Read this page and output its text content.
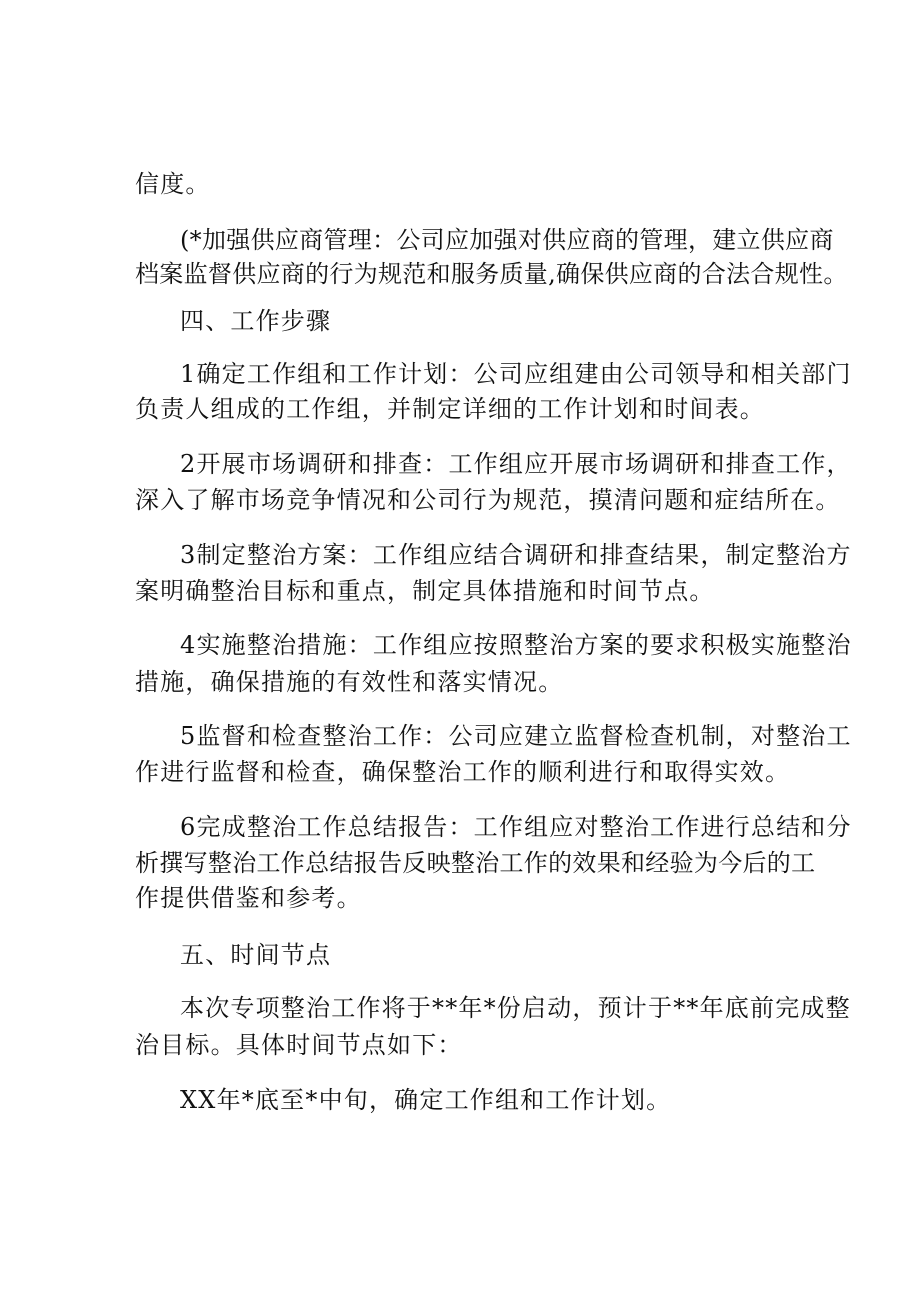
信度。
(*加强供应商管理：公司应加强对供应商的管理，建立供应商
档案监督供应商的行为规范和服务质量,确保供应商的合法合规性。
四、工作步骤
1确定工作组和工作计划：公司应组建由公司领导和相关部门
负责人组成的工作组，并制定详细的工作计划和时间表。
2开展市场调研和排查：工作组应开展市场调研和排查工作，
深入了解市场竞争情况和公司行为规范，摸清问题和症结所在。
3制定整治方案：工作组应结合调研和排查结果，制定整治方
案明确整治目标和重点，制定具体措施和时间节点。
4实施整治措施：工作组应按照整治方案的要求积极实施整治
措施，确保措施的有效性和落实情况。
5监督和检查整治工作：公司应建立监督检查机制，对整治工
作进行监督和检查，确保整治工作的顺利进行和取得实效。
6完成整治工作总结报告：工作组应对整治工作进行总结和分
析撰写整治工作总结报告反映整治工作的效果和经验为今后的工
作提供借鉴和参考。
五、时间节点
本次专项整治工作将于**年*份启动，预计于**年底前完成整
治目标。具体时间节点如下：
XX年*底至*中旬，确定工作组和工作计划。
